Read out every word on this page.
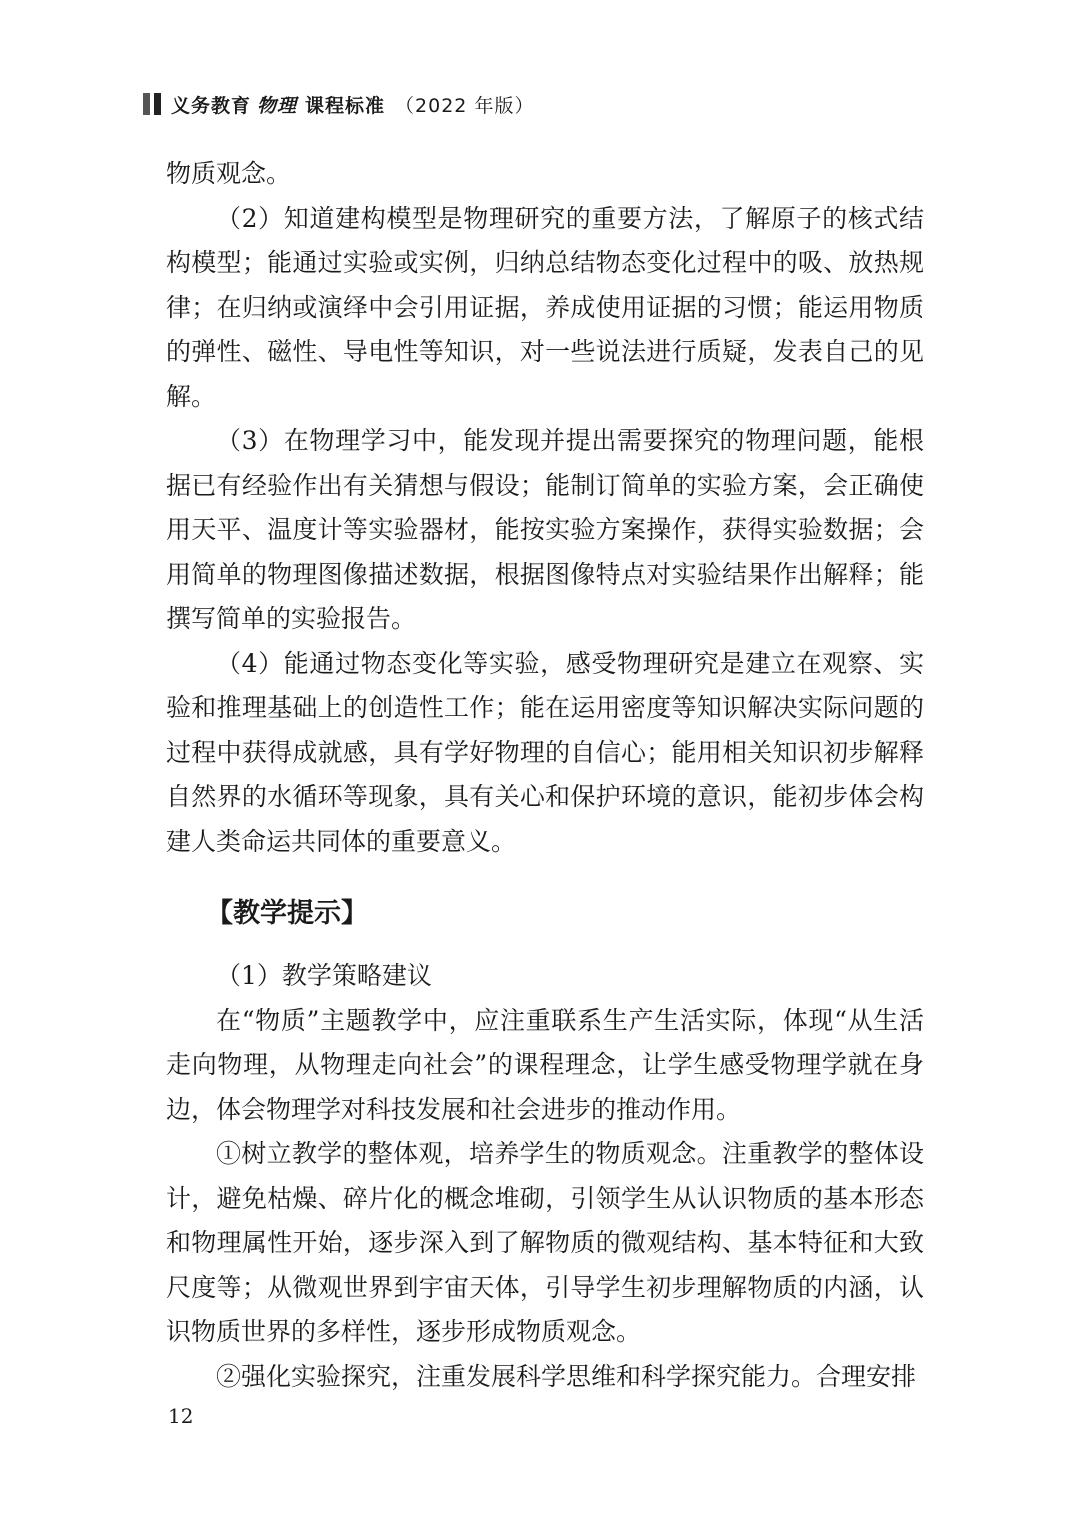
义务教育 物理 课程标准 （2022 年版）

物质观念。

（2）知道建构模型是物理研究的重要方法，了解原子的核式结构模型；能通过实验或实例，归纳总结物态变化过程中的吸、放热规律；在归纳或演绎中会引用证据，养成使用证据的习惯；能运用物质的弹性、磁性、导电性等知识，对一些说法进行质疑，发表自己的见解。

（3）在物理学习中，能发现并提出需要探究的物理问题，能根据已有经验作出有关猜想与假设；能制订简单的实验方案，会正确使用天平、温度计等实验器材，能按实验方案操作，获得实验数据；会用简单的物理图像描述数据，根据图像特点对实验结果作出解释；能撰写简单的实验报告。

（4）能通过物态变化等实验，感受物理研究是建立在观察、实验和推理基础上的创造性工作；能在运用密度等知识解决实际问题的过程中获得成就感，具有学好物理的自信心；能用相关知识初步解释自然界的水循环等现象，具有关心和保护环境的意识，能初步体会构建人类命运共同体的重要意义。

【教学提示】

（1）教学策略建议

在“物质”主题教学中，应注重联系生产生活实际，体现“从生活走向物理，从物理走向社会”的课程理念，让学生感受物理学就在身边，体会物理学对科技发展和社会进步的推动作用。

①树立教学的整体观，培养学生的物质观念。注重教学的整体设计，避免枯燥、碎片化的概念堆砌，引领学生从认识物质的基本形态和物理属性开始，逐步深入到了解物质的微观结构、基本特征和大致尺度等；从微观世界到宇宙天体，引导学生初步理解物质的内涵，认识物质世界的多样性，逐步形成物质观念。

②强化实验探究，注重发展科学思维和科学探究能力。合理安排

12
